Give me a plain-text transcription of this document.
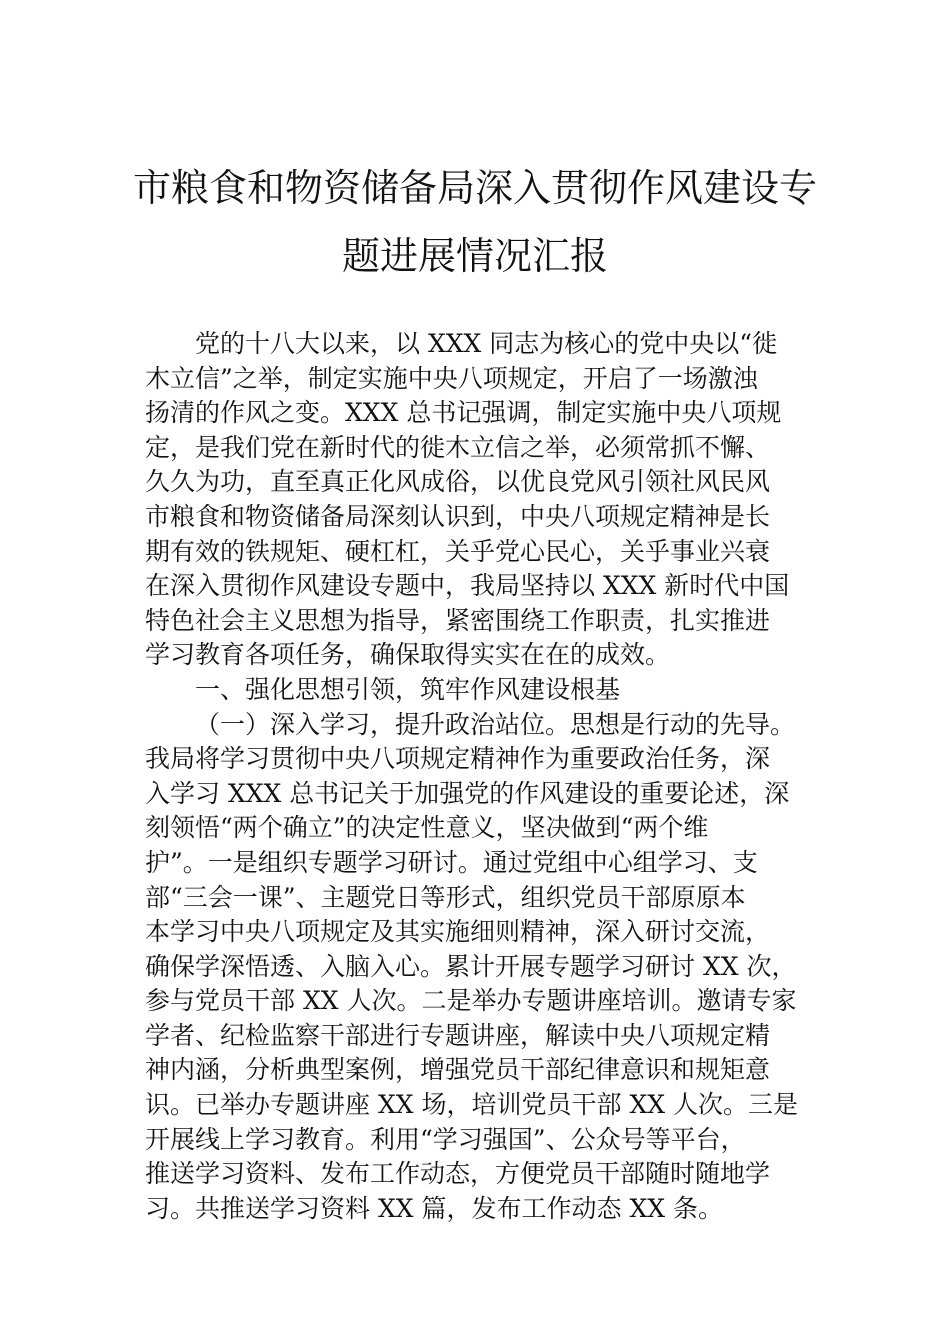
市粮食和物资储备局深入贯彻作风建设专
题进展情况汇报
党的十八大以来，以 XXX 同志为核心的党中央以“徙
木立信”之举，制定实施中央八项规定，开启了一场激浊
扬清的作风之变。XXX 总书记强调，制定实施中央八项规
定，是我们党在新时代的徙木立信之举，必须常抓不懈、
久久为功，直至真正化风成俗，以优良党风引领社风民风
市粮食和物资储备局深刻认识到，中央八项规定精神是长
期有效的铁规矩、硬杠杠，关乎党心民心，关乎事业兴衰
在深入贯彻作风建设专题中，我局坚持以 XXX 新时代中国
特色社会主义思想为指导，紧密围绕工作职责，扎实推进
学习教育各项任务，确保取得实实在在的成效。
一、强化思想引领，筑牢作风建设根基
（一）深入学习，提升政治站位。思想是行动的先导。
我局将学习贯彻中央八项规定精神作为重要政治任务，深
入学习 XXX 总书记关于加强党的作风建设的重要论述，深
刻领悟“两个确立”的决定性意义，坚决做到“两个维
护”。一是组织专题学习研讨。通过党组中心组学习、支
部“三会一课”、主题党日等形式，组织党员干部原原本
本学习中央八项规定及其实施细则精神，深入研讨交流，
确保学深悟透、入脑入心。累计开展专题学习研讨 XX 次，
参与党员干部 XX 人次。二是举办专题讲座培训。邀请专家
学者、纪检监察干部进行专题讲座，解读中央八项规定精
神内涵，分析典型案例，增强党员干部纪律意识和规矩意
识。已举办专题讲座 XX 场，培训党员干部 XX 人次。三是
开展线上学习教育。利用“学习强国”、公众号等平台，
推送学习资料、发布工作动态，方便党员干部随时随地学
习。共推送学习资料 XX 篇，发布工作动态 XX 条。
